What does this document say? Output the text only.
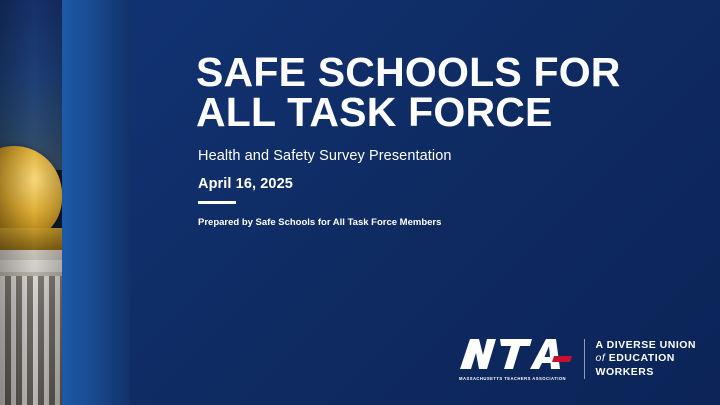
SAFE SCHOOLS FOR ALL TASK FORCE

Health and Safety Survey Presentation

April 16, 2025

Prepared by Safe Schools for All Task Force Members

MASSACHUSETTS TEACHERS ASSOCIATION
A DIVERSE UNION
of EDUCATION
WORKERS
